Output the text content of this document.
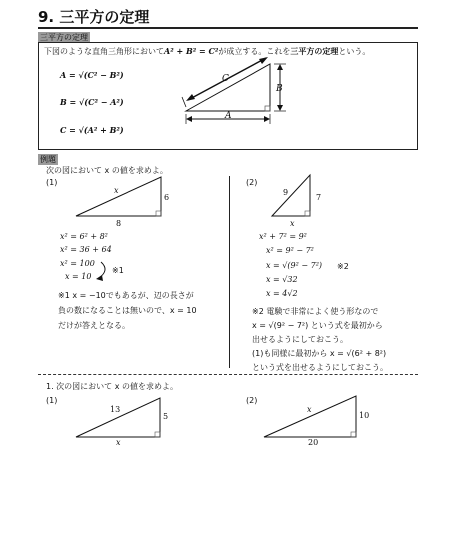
9. 三平方の定理
三平方の定理
下図のような直角三角形においてA² + B² = C²が成立する。これを三平方の定理という。
A = √(C² − B²)
B = √(C² − A²)
C = √(A² + B²)
C
B
A
例題
次の図において x の値を求めよ。
(1)
x
6
8
x² = 6² + 8²
x² = 36 + 64
x² = 100
x = 10
※1
※1 x = −10でもあるが、辺の長さが
負の数になることは無いので、x = 10
だけが答えとなる。
(2)
9
7
x
x² + 7² = 9²
x² = 9² − 7²
x = √(9² − 7²) ※2
x = √32
x = 4√2
※2 電験で非常によく使う形なので
x = √(9² − 7²) という式を最初から
出せるようにしておこう。
(1)も同様に最初から x = √(6² + 8²)
という式を出せるようにしておこう。
1. 次の図において x の値を求めよ。
(1)
13
5
x
(2)
x
10
20
